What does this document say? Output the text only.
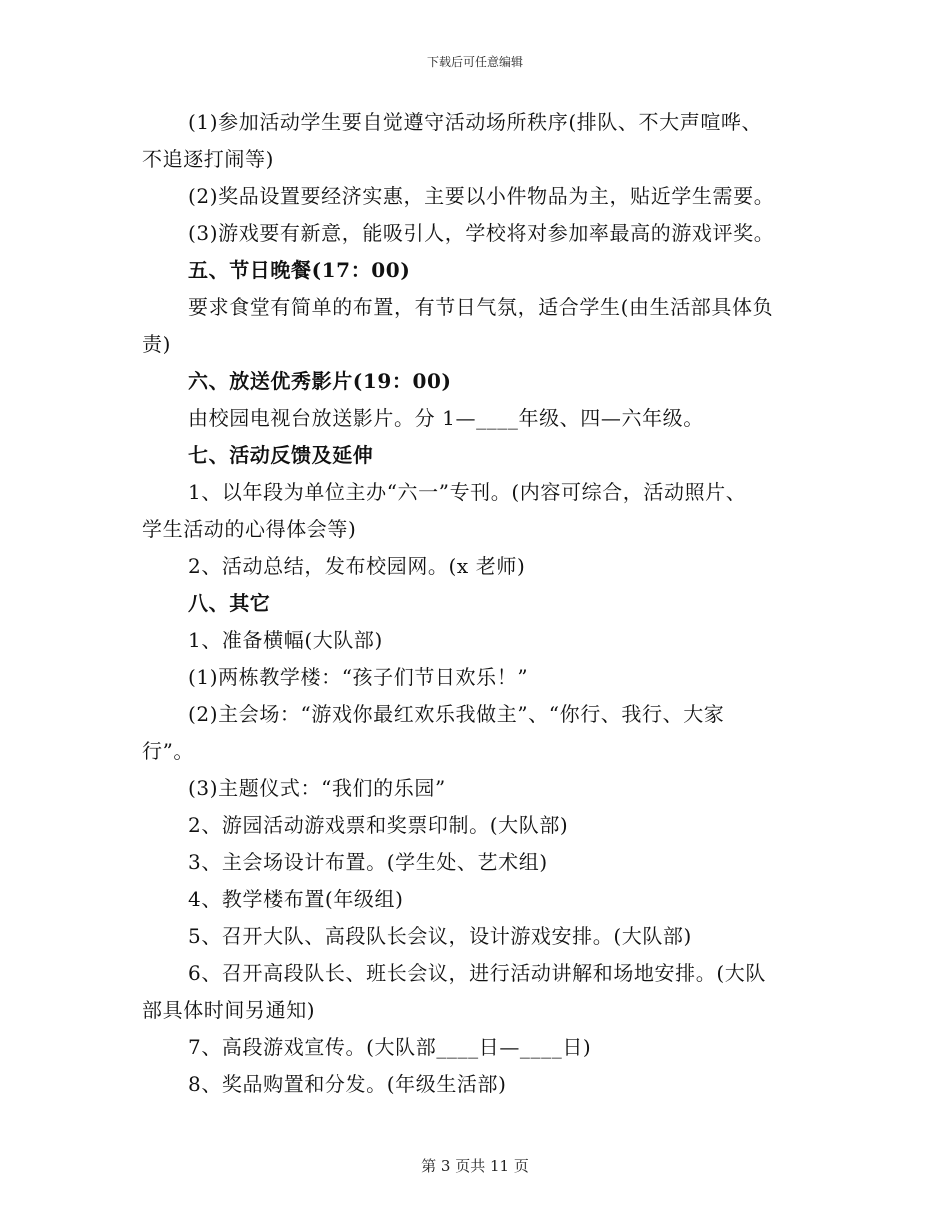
下载后可任意编辑

(1)参加活动学生要自觉遵守活动场所秩序(排队、不大声喧哗、

不追逐打闹等)

(2)奖品设置要经济实惠，主要以小件物品为主，贴近学生需要。

(3)游戏要有新意，能吸引人，学校将对参加率最高的游戏评奖。

五、节日晚餐(17：00)

要求食堂有简单的布置，有节日气氛，适合学生(由生活部具体负

责)

六、放送优秀影片(19：00)

由校园电视台放送影片。分 1—____年级、四—六年级。

七、活动反馈及延伸

1、以年段为单位主办“六一”专刊。(内容可综合，活动照片、

学生活动的心得体会等)

2、活动总结，发布校园网。(x 老师)

八、其它

1、准备横幅(大队部)

(1)两栋教学楼：“孩子们节日欢乐！”

(2)主会场：“游戏你最红欢乐我做主”、“你行、我行、大家

行”。

(3)主题仪式：“我们的乐园”

2、游园活动游戏票和奖票印制。(大队部)

3、主会场设计布置。(学生处、艺术组)

4、教学楼布置(年级组)

5、召开大队、高段队长会议，设计游戏安排。(大队部)

6、召开高段队长、班长会议，进行活动讲解和场地安排。(大队

部具体时间另通知)

7、高段游戏宣传。(大队部____日—____日)

8、奖品购置和分发。(年级生活部)

第 3 页共 11 页
